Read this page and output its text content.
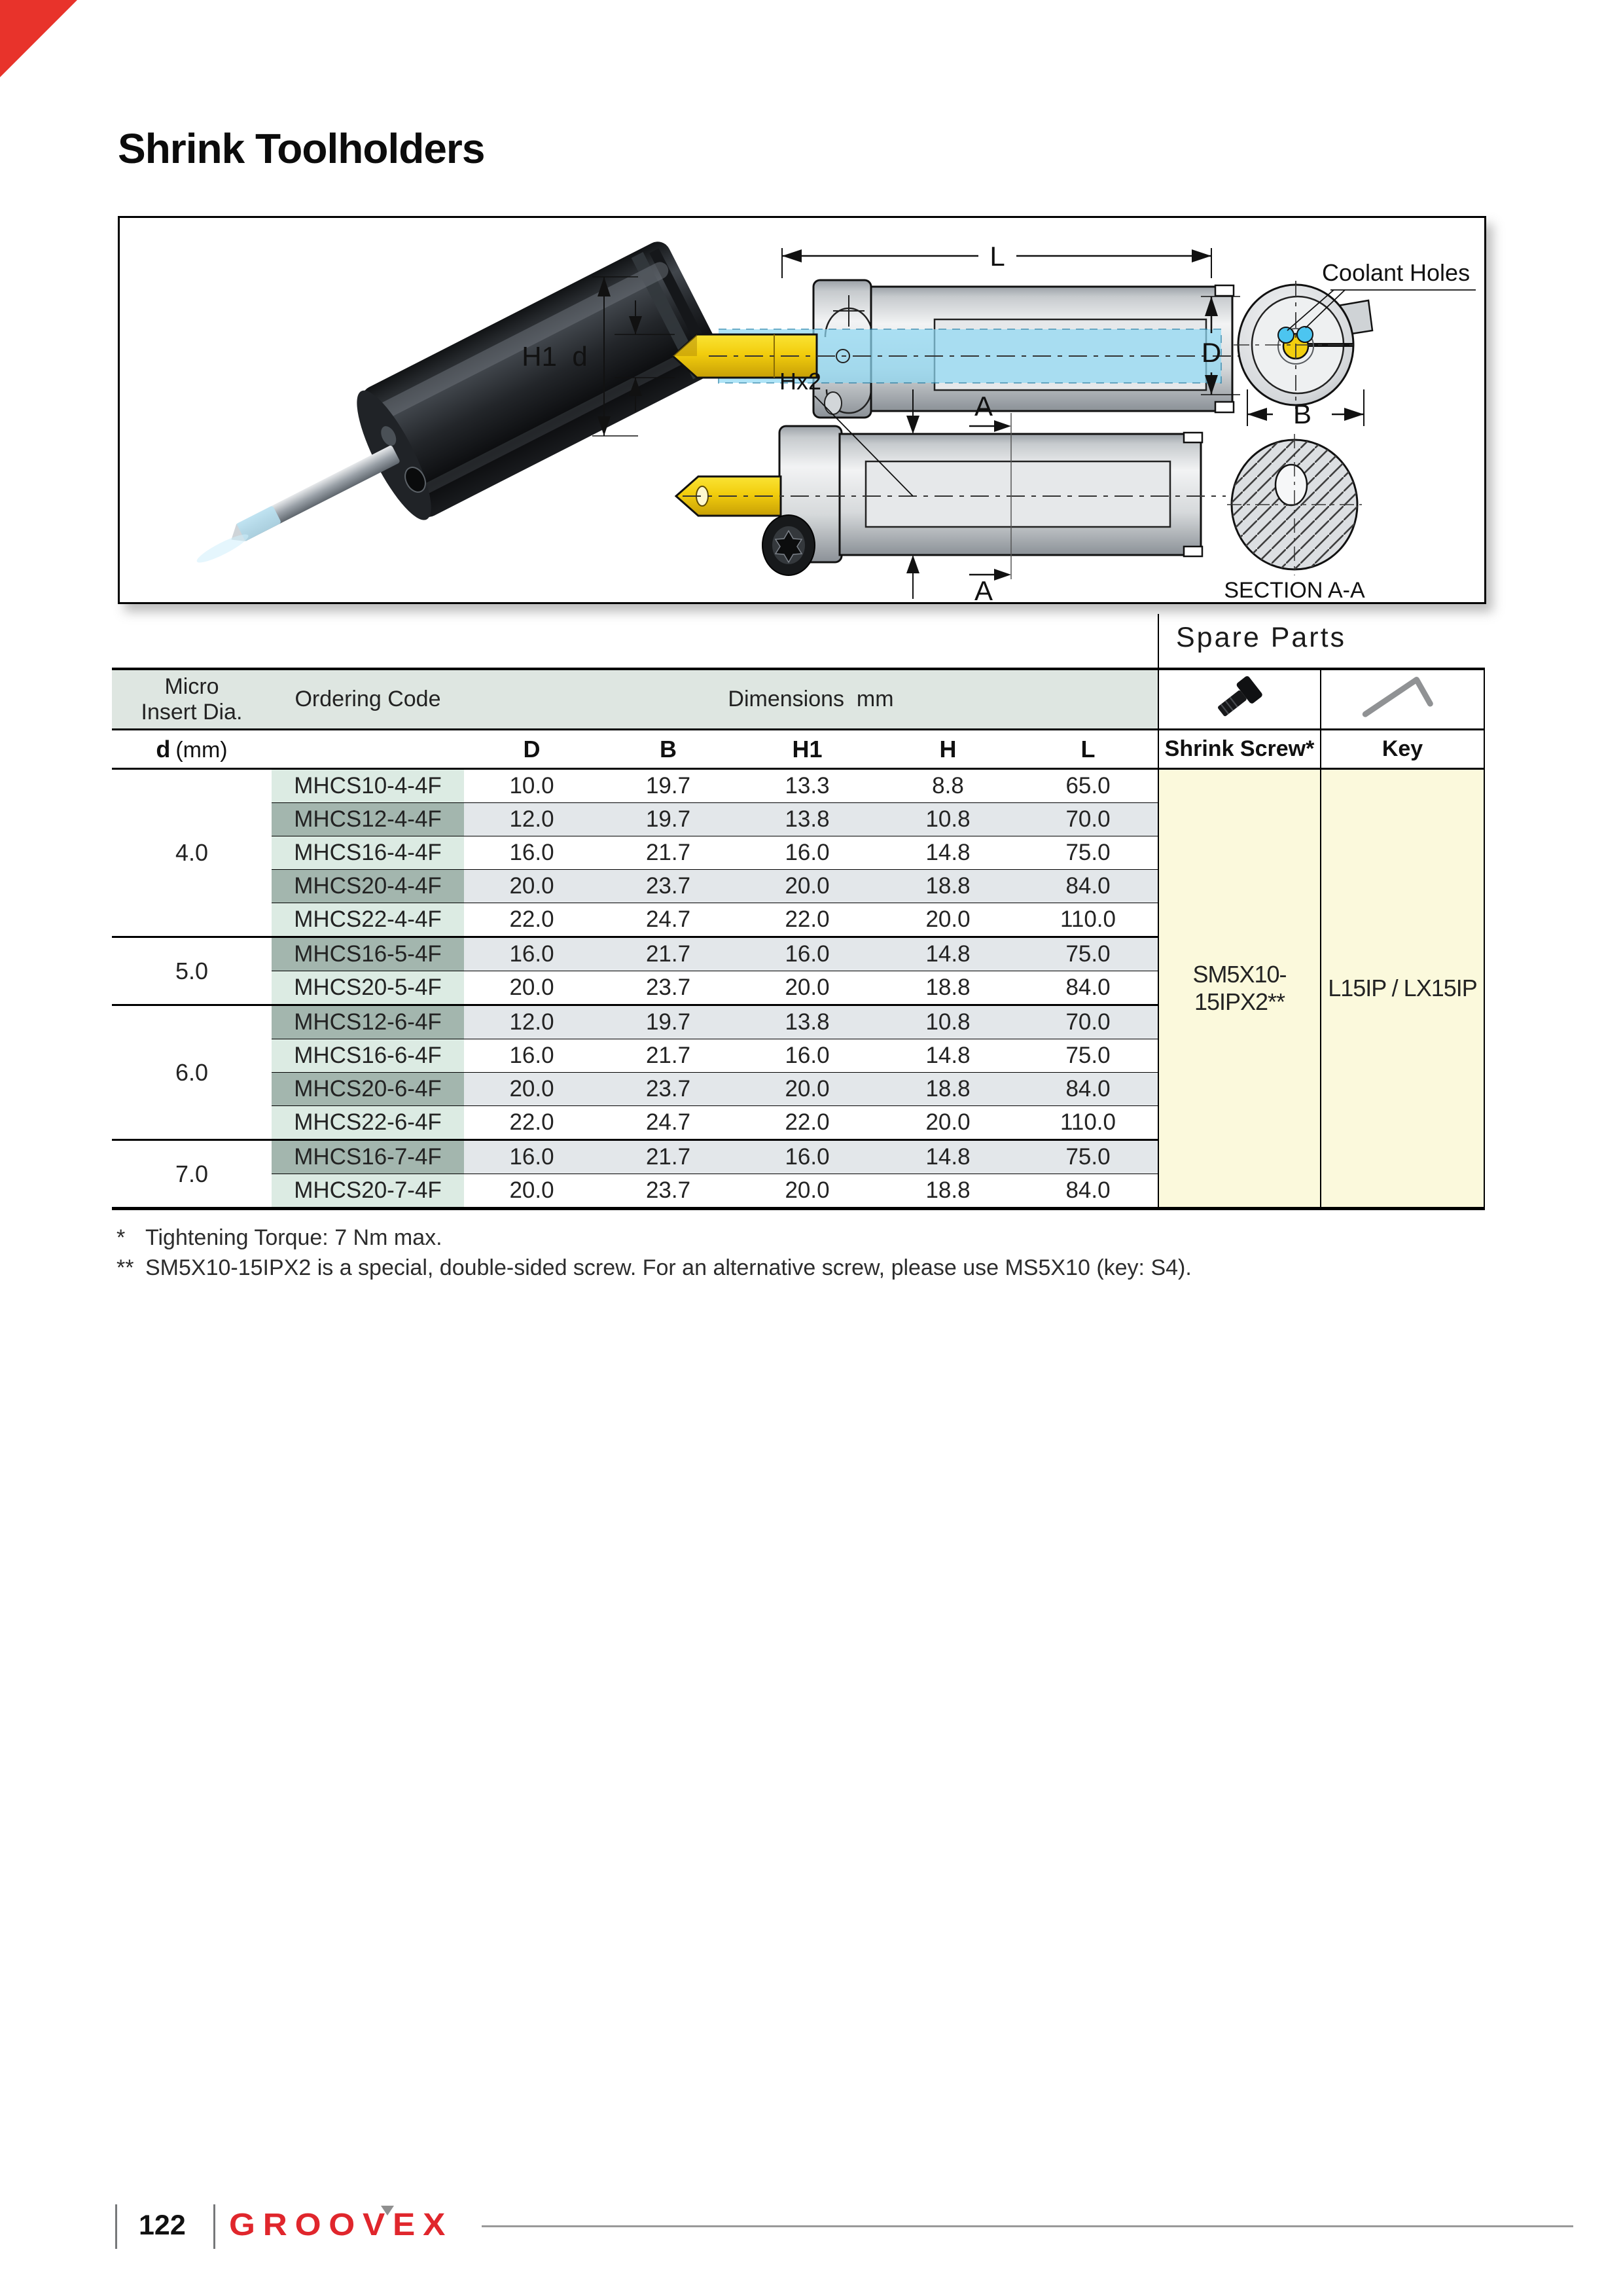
Shrink Toolholders
L
H1 d
Coolant Holes
D
B
Hx2
A
A	SECTION A-A
Spare Parts
Micro
Insert Dia.	Ordering Code	Dimensions  mm		
d (mm)		D	B	H1	H	L	Shrink Screw*	Key
4.0	MHCS10-4-4F	10.0	19.7	13.3	8.8	65.0	SM5X10-15IPX2**	L15IP / LX15IP
	MHCS12-4-4F	12.0	19.7	13.8	10.8	70.0		
	MHCS16-4-4F	16.0	21.7	16.0	14.8	75.0		
	MHCS20-4-4F	20.0	23.7	20.0	18.8	84.0		
	MHCS22-4-4F	22.0	24.7	22.0	20.0	110.0		
5.0	MHCS16-5-4F	16.0	21.7	16.0	14.8	75.0		
	MHCS20-5-4F	20.0	23.7	20.0	18.8	84.0		
6.0	MHCS12-6-4F	12.0	19.7	13.8	10.8	70.0		
	MHCS16-6-4F	16.0	21.7	16.0	14.8	75.0		
	MHCS20-6-4F	20.0	23.7	20.0	18.8	84.0		
	MHCS22-6-4F	22.0	24.7	22.0	20.0	110.0		
7.0	MHCS16-7-4F	16.0	21.7	16.0	14.8	75.0		
	MHCS20-7-4F	20.0	23.7	20.0	18.8	84.0		
* Tightening Torque: 7 Nm max.
** SM5X10-15IPX2 is a special, double-sided screw. For an alternative screw, please use MS5X10 (key: S4).
122 GROOVEX
